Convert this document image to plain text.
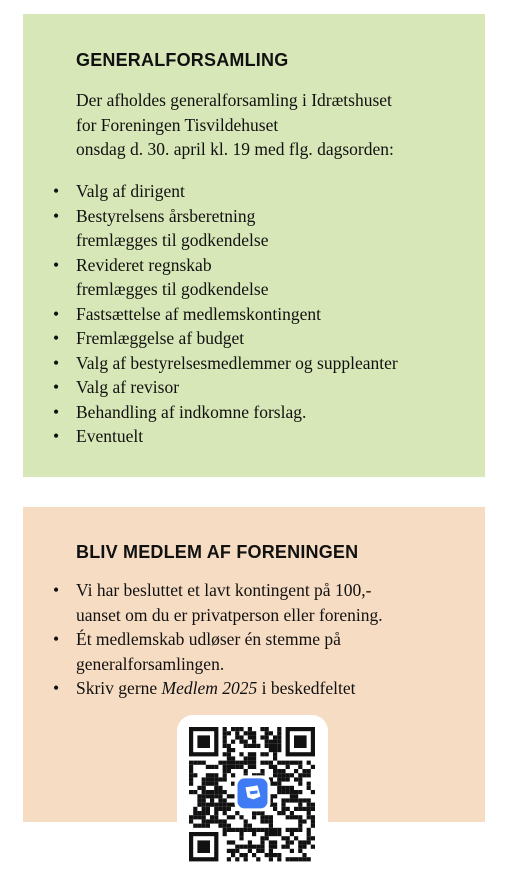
GENERALFORSAMLING

Der afholdes generalforsamling i Idrætshuset
for Foreningen Tisvildehuset
onsdag d. 30. april kl. 19 med flg. dagsorden:

• Valg af dirigent
• Bestyrelsens årsberetning
fremlægges til godkendelse
• Revideret regnskab
fremlægges til godkendelse
• Fastsættelse af medlemskontingent
• Fremlæggelse af budget
• Valg af bestyrelsesmedlemmer og suppleanter
• Valg af revisor
• Behandling af indkomne forslag.
• Eventuelt
BLIV MEDLEM AF FORENINGEN
• Vi har besluttet et lavt kontingent på 100,-
uanset om du er privatperson eller forening.
• Ét medlemskab udløser én stemme på
generalforsamlingen.
• Skriv gerne Medlem 2025 i beskedfeltet
